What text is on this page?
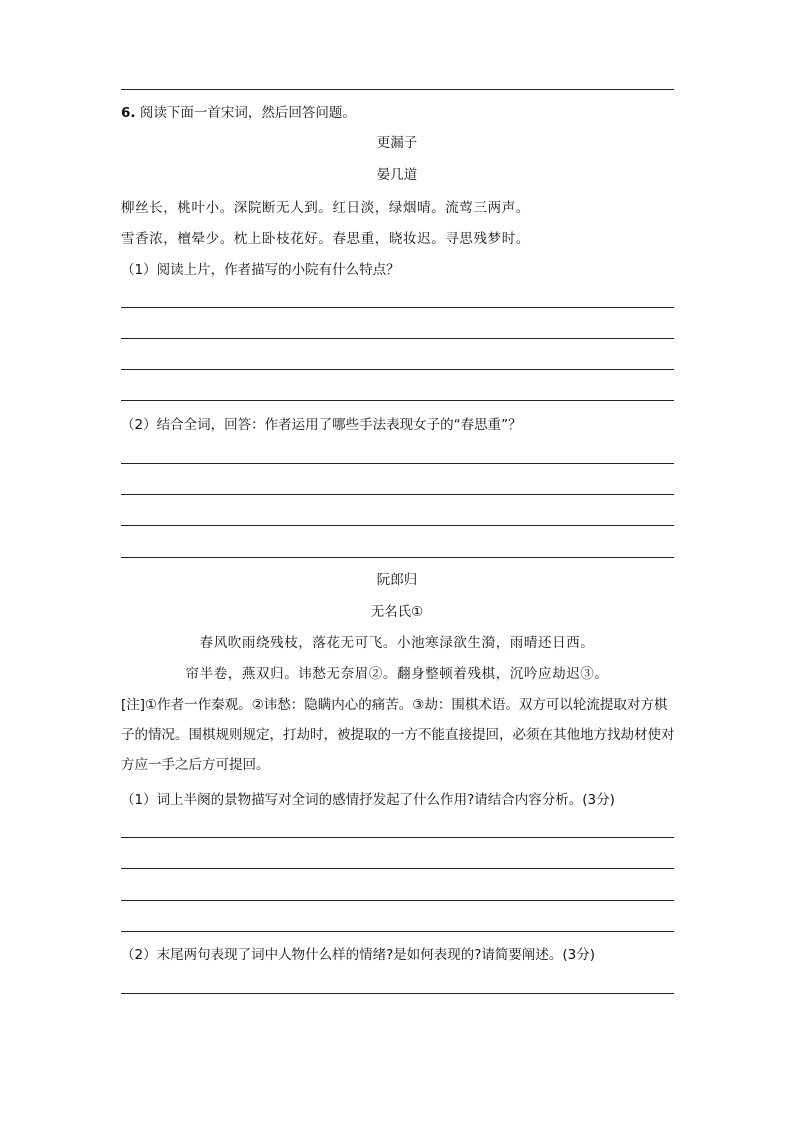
6. 阅读下面一首宋词，然后回答问题。
更漏子
晏几道
柳丝长，桃叶小。深院断无人到。红日淡，绿烟晴。流莺三两声。
雪香浓，檀晕少。枕上卧枝花好。春思重，晓妆迟。寻思残梦时。
（1）阅读上片，作者描写的小院有什么特点？
（2）结合全词，回答：作者运用了哪些手法表现女子的“春思重”？
阮郎归
无名氏①
春风吹雨绕残枝，落花无可飞。小池寒渌欲生漪，雨晴还日西。
帘半卷，燕双归。讳愁无奈眉②。翻身整顿着残棋，沉吟应劫迟③。
[注]①作者一作秦观。②讳愁：隐瞒内心的痛苦。③劫：围棋术语。双方可以轮流提取对方棋子的情况。围棋规则规定，打劫时，被提取的一方不能直接提回，必须在其他地方找劫材使对方应一手之后方可提回。
（1）词上半阕的景物描写对全词的感情抒发起了什么作用?请结合内容分析。(3分)
（2）末尾两句表现了词中人物什么样的情绪?是如何表现的?请简要阐述。(3分)
